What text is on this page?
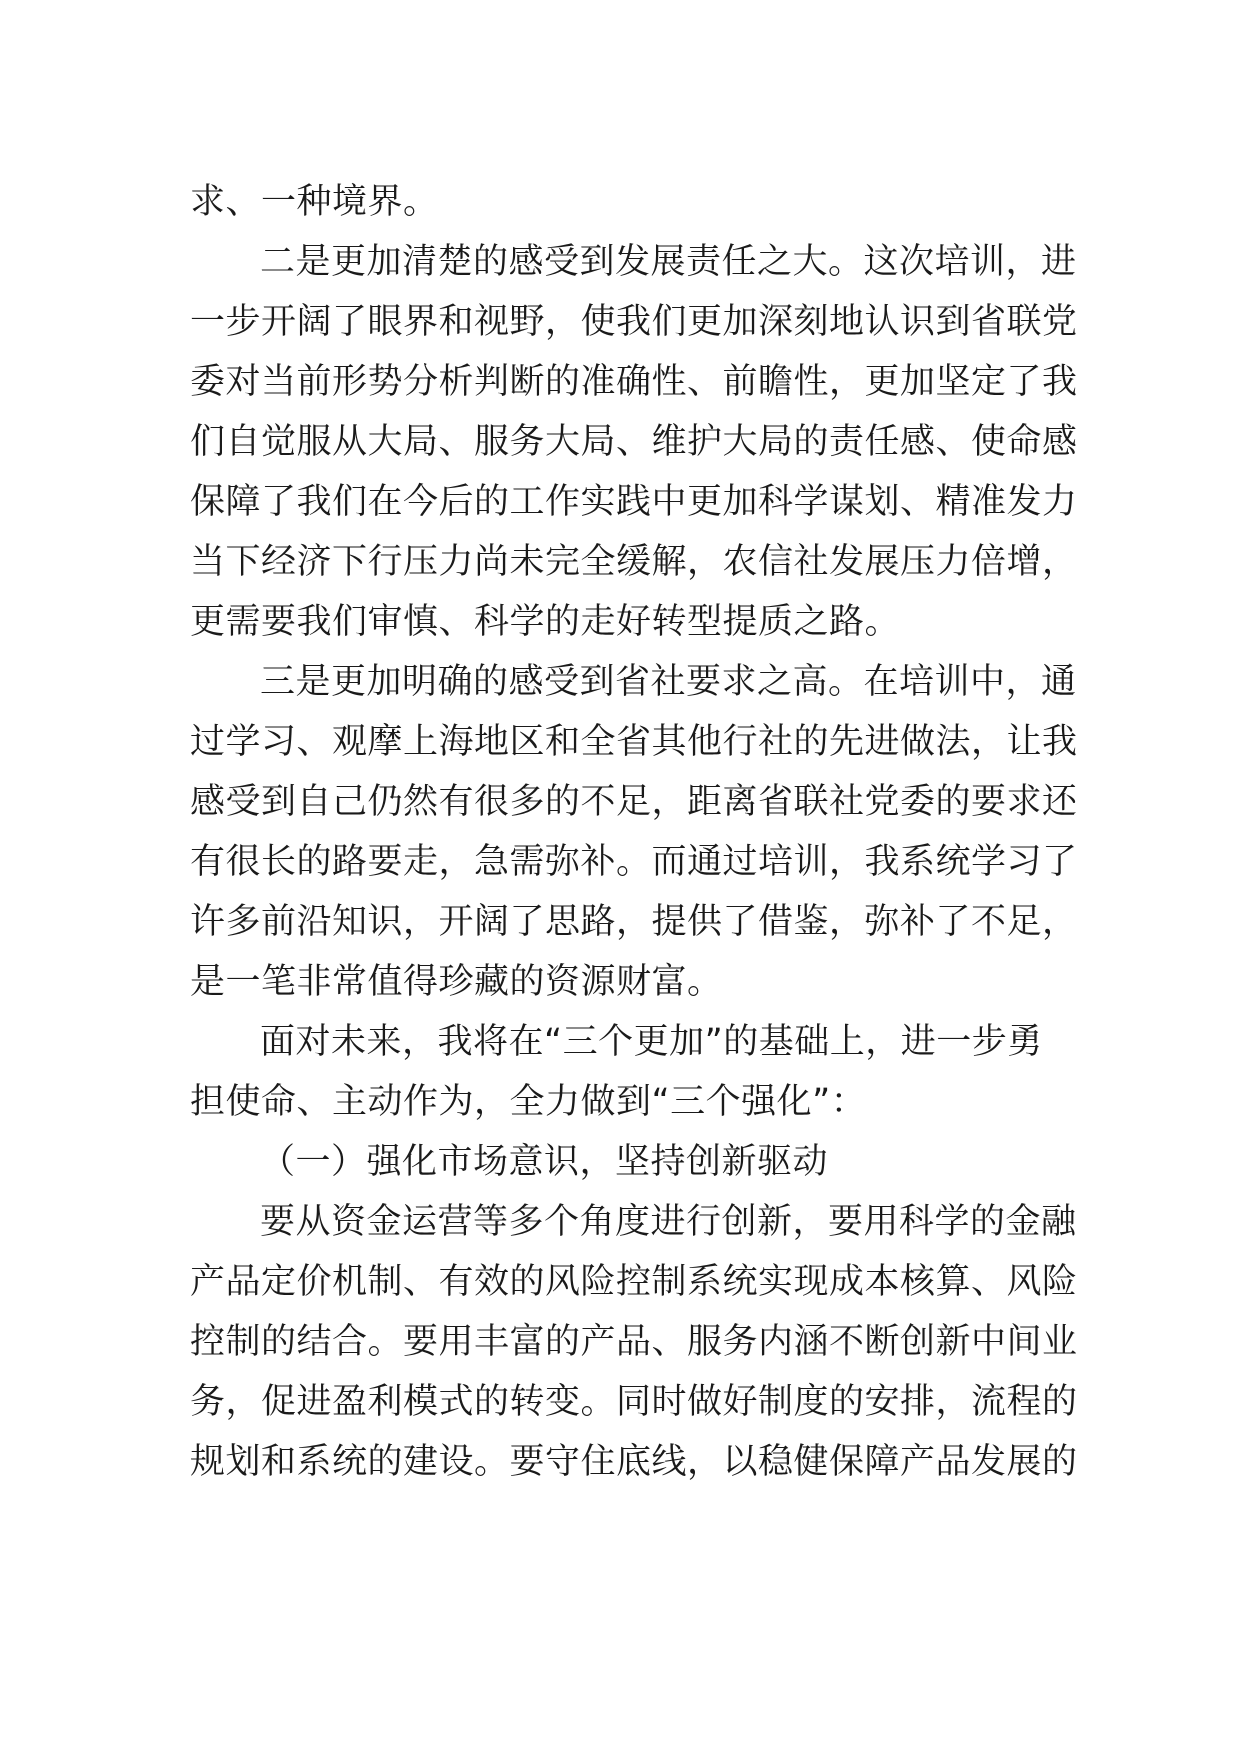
求、一种境界。
二是更加清楚的感受到发展责任之大。这次培训，进
一步开阔了眼界和视野，使我们更加深刻地认识到省联党
委对当前形势分析判断的准确性、前瞻性，更加坚定了我
们自觉服从大局、服务大局、维护大局的责任感、使命感
保障了我们在今后的工作实践中更加科学谋划、精准发力
当下经济下行压力尚未完全缓解，农信社发展压力倍增，
更需要我们审慎、科学的走好转型提质之路。
三是更加明确的感受到省社要求之高。在培训中，通
过学习、观摩上海地区和全省其他行社的先进做法，让我
感受到自己仍然有很多的不足，距离省联社党委的要求还
有很长的路要走，急需弥补。而通过培训，我系统学习了
许多前沿知识，开阔了思路，提供了借鉴，弥补了不足，
是一笔非常值得珍藏的资源财富。
面对未来，我将在“三个更加”的基础上，进一步勇
担使命、主动作为，全力做到“三个强化”：
（一）强化市场意识，坚持创新驱动
要从资金运营等多个角度进行创新，要用科学的金融
产品定价机制、有效的风险控制系统实现成本核算、风险
控制的结合。要用丰富的产品、服务内涵不断创新中间业
务，促进盈利模式的转变。同时做好制度的安排，流程的
规划和系统的建设。要守住底线，以稳健保障产品发展的
